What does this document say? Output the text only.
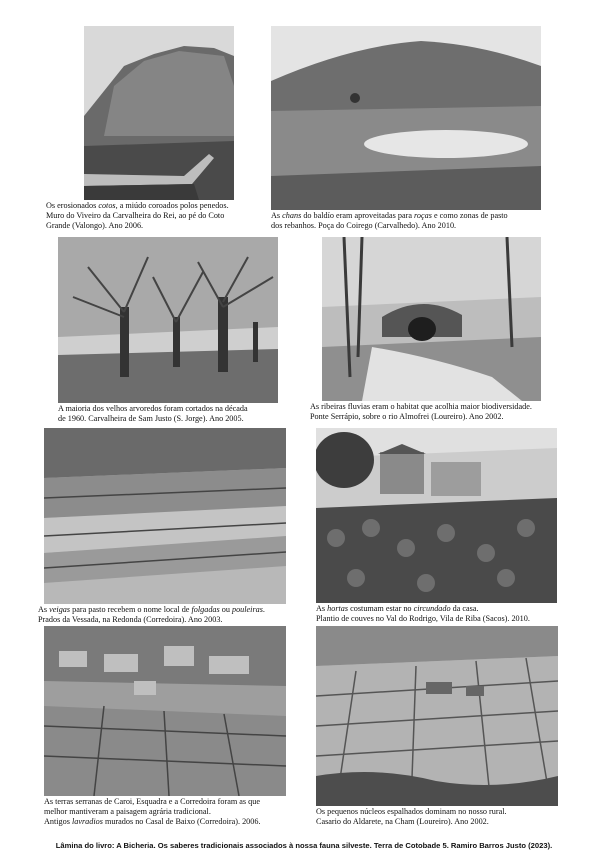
Os erosionados cotos, a miúdo coroados polos penedos.

Muro do Viveiro da Carvalheira do Rei, ao pé do Coto

Grande (Valongo). Ano 2006.

As chans do baldío eram aproveitadas para roças e como zonas de pasto

dos rebanhos. Poça do Coirego (Carvalhedo). Ano 2010.

A maioria dos velhos arvoredos foram cortados na década

de 1960. Carvalheira de Sam Justo (S. Jorge). Ano 2005.

As ribeiras fluvias eram o habitat que acolhia maior biodiversidade.

Ponte Serrápio, sobre o rio Almofrei (Loureiro). Ano 2002.

As veigas para pasto recebem o nome local de folgadas ou pouleiras.

Prados da Vessada, na Redonda (Corredoira). Ano 2003.

As hortas costumam estar no circundado da casa.

Plantio de couves no Val do Rodrigo, Vila de Riba (Sacos). 2010.

As terras serranas de Caroi, Esquadra e a Corredoira foram as que

melhor mantiveram a paisagem agrária tradicional.

Antigos lavradios murados no Casal de Baixo (Corredoira). 2006.

Os pequenos núcleos espalhados dominam no nosso rural.

Casario do Aldarete, na Cham (Loureiro). Ano 2002.

Lâmina do livro: A Bicheria. Os saberes tradicionais associados à nossa fauna silveste. Terra de Cotobade 5. Ramiro Barros Justo (2023).
